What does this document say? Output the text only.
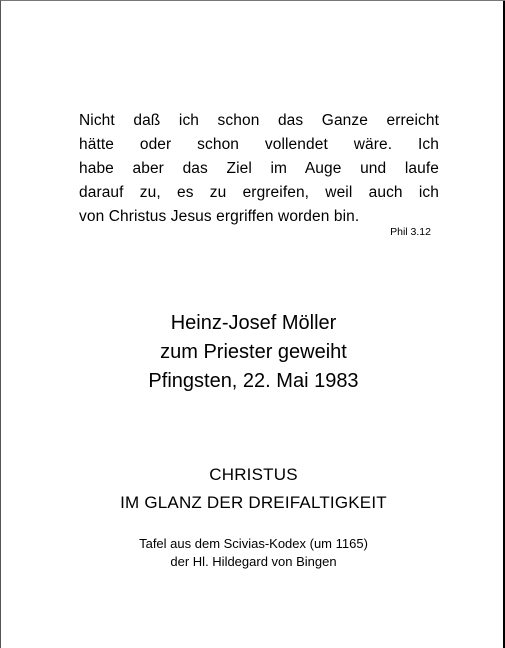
Nicht daß ich schon das Ganze erreicht
hätte oder schon vollendet wäre. Ich
habe aber das Ziel im Auge und laufe
darauf zu, es zu ergreifen, weil auch ich
von Christus Jesus ergriffen worden bin.
Phil 3.12
Heinz-Josef Möller
zum Priester geweiht
Pfingsten, 22. Mai 1983
CHRISTUS
IM GLANZ DER DREIFALTIGKEIT
Tafel aus dem Scivias-Kodex (um 1165)
der Hl. Hildegard von Bingen
